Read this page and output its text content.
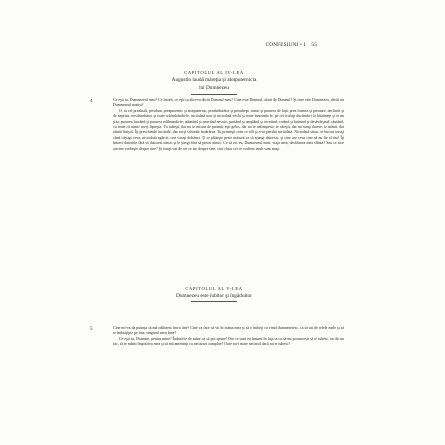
CONFESIUNI • I 55
CAPITOLUL AL IV-LEA
Augustin laudă măreţia şi atotputernicia
lui Dumnezeu
4	Ce eşti tu, Dumnezeul meu? Ce întreb, ce eşti tu altceva decât Domnul meu? Cine este Domnul, afară de Domnul? Şi cine este Dumnezeu, decât nu Dumnezeul nostru?

O, tu cel preaînalt, preabun, preaputernic şi atotputernic, preaîndurător şi preadrept, tainic şi pururea de faţă, prea frumos şi preatare, neclintit şi de neprins, neschimbător şi toate schimbându-le, niciodată nou şi niciodată vechi şi toate înnoindu-le; pe cei trufaşi ducându-i la bătrâneţe şi ei nu ştiu; pururea lucrând şi pururea odihnindu-te; adunând şi neavând nevoie; purtând şi umplând şi ocrotind; creând şi hrănind şi desăvârşind; căutând, cu toate că nimic nu-ţi lipseşte. Tu iubeşti, dar nu te mistui de patimă; eşti gelos, dar nu te neliniştesti; te căieşti, dar nu simţi durere; te mânii, dar rămâi liniştit. Îţi preschimbi lucrările, dar nu-ţi schimbi hotărârea. Tu primeşti ceea ce afli şi n-ai pierdut niciodată. Niciodată sărac, te bucuri totuşi când câştigi ceva; niciodată zgârcit, ceri totuşi dobânzi. Ţi se plăteşte peste măsură ca să ajungi datornic, şi cine are ceva care să nu fie al tău? Îţi întorci datoriile fără să datorezi nimic şi le ştergi fără să pierzi nimic. Ce să zic eu, Dumnezeul meu, viaţa mea, desfătarea mea sfântă? Sau ce zice oricine vorbeşte despre tine? Şi totuşi vai de cei ce tac despre tine, căci chiar cei ce vorbesc mult sunt muţi.

CAPITOLUL AL V-LEA
Dumnezeu este iubitor şi îngăduitor
5	Cine mi-va da putinţa să mă odihnesc întru tine? Cine va face să vii în inima mea şi să o îmbeţi cu vinul dumnezeiesc, ca să uit de relele mele şi să te îmbrăţişez pe tine, singurul meu bine?

Ce eşti tu, Doamne, pentru mine? Îndură-te de mine ca să pot spune! Dar ce sunt eu însumi în faţa ta ca să-mi poruncești să te iubesc, iar de nu fac, să te mânii împotriva mea şi să mă ameninţi cu necazuri cumplite? Oare nu-i mare necazul dacă nu te iubesc?
